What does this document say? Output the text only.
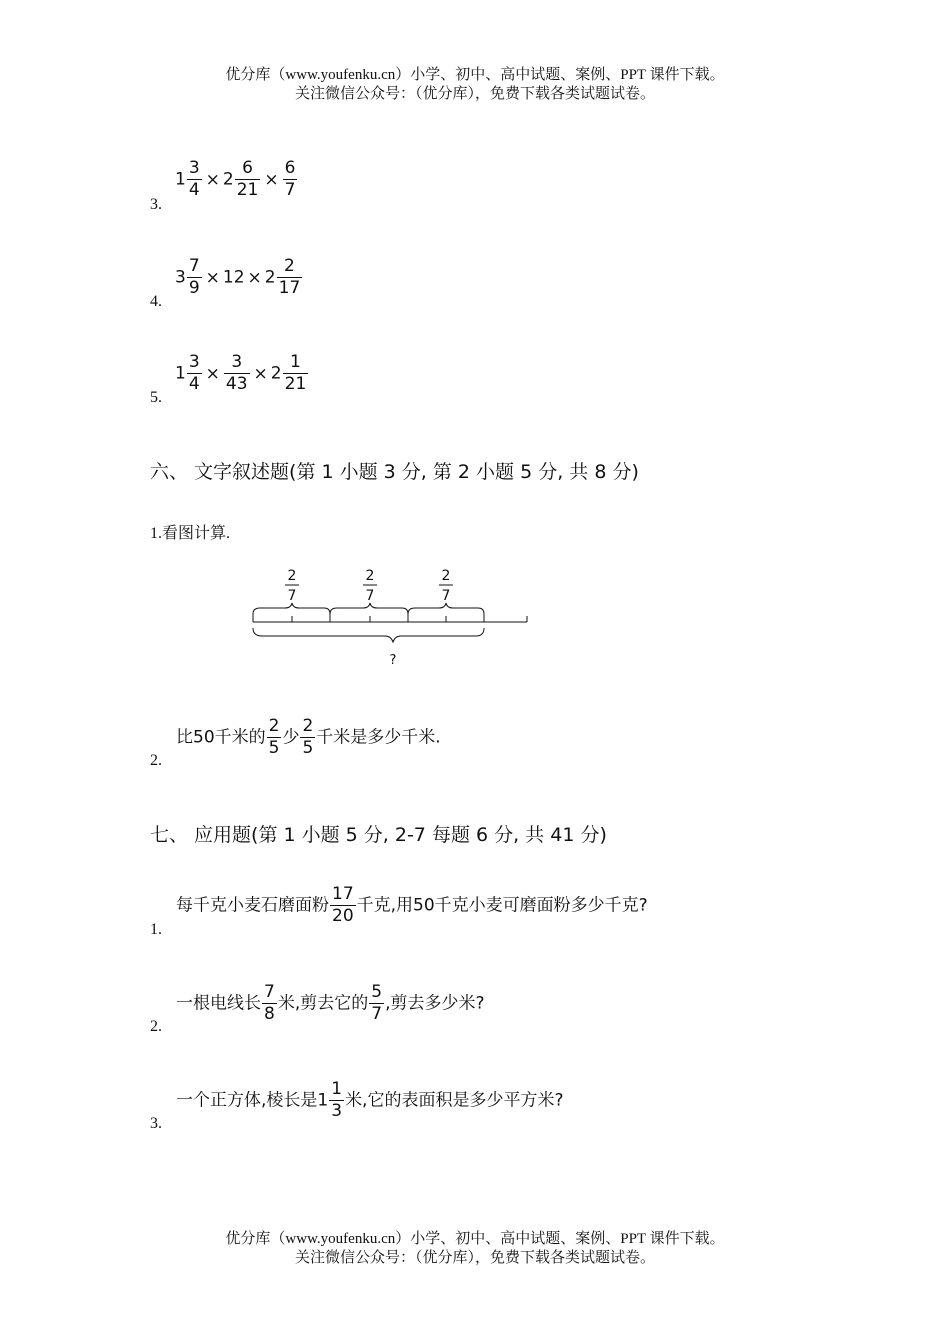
优分库（www.youfenku.cn）小学、初中、高中试题、案例、PPT 课件下载。
关注微信公众号：（优分库），免费下载各类试题试卷。
3.
$1 \frac{3}{4} \times 2 \frac{6}{21} \times \frac{6}{7}$
4.
$3 \frac{7}{9} \times 12 \times 2 \frac{2}{17}$
5.
$1 \frac{3}{4} \times \frac{3}{43} \times 2 \frac{1}{21}$
六、 文字叙述题(第 1 小题 3 分, 第 2 小题 5 分, 共 8 分)
1.看图计算.
2
7
2
7
2
7
?
2.
比50千米的 $\frac{2}{5}$ 少 $\frac{2}{5}$ 千米是多少千米.
七、 应用题(第 1 小题 5 分, 2-7 每题 6 分, 共 41 分)
1.
每千克小麦石磨面粉 $\frac{17}{20}$ 千克,用50千克小麦可磨面粉多少千克?
2.
一根电线长 $\frac{7}{8}$ 米,剪去它的 $\frac{5}{7}$ ,剪去多少米?
3.
一个正方体,棱长是$1 \frac{1}{3}$ 米,它的表面积是多少平方米?
优分库（www.youfenku.cn）小学、初中、高中试题、案例、PPT 课件下载。
关注微信公众号：（优分库），免费下载各类试题试卷。
